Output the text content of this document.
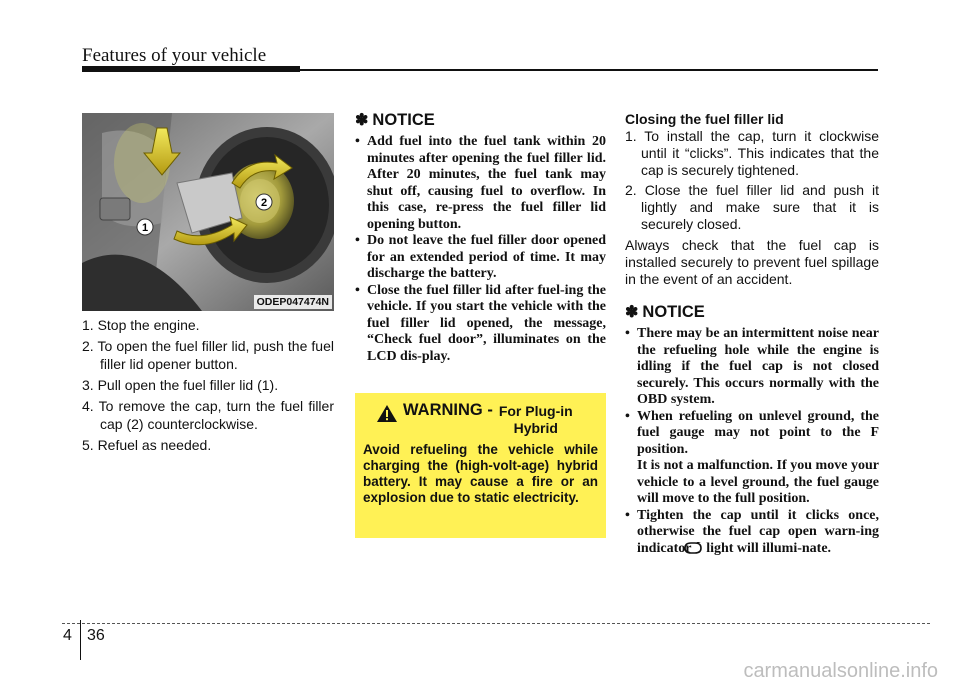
Features of your vehicle
1
2
ODEP047474N
1. Stop the engine.
2. To open the fuel filler lid, push the fuel filler lid opener button.
3. Pull open the fuel filler lid (1).
4. To remove the cap, turn the fuel filler cap (2) counterclockwise.
5. Refuel as needed.
✽ NOTICE
• Add fuel into the fuel tank within 20 minutes after opening the fuel filler lid. After 20 minutes, the fuel tank may shut off, causing fuel to overflow. In this case, re-press the fuel filler lid opening button.
• Do not leave the fuel filler door opened for an extended period of time. It may discharge the battery.
• Close the fuel filler lid after fuel-ing the vehicle. If you start the vehicle with the fuel filler lid opened, the message, “Check fuel door”, illuminates on the LCD dis-play.
WARNING - For Plug-in
Hybrid
Avoid refueling the vehicle while charging the (high-volt-age) hybrid battery. It may cause a fire or an explosion due to static electricity.
Closing the fuel filler lid
1. To install the cap, turn it clockwise until it “clicks”. This indicates that the cap is securely tightened.
2. Close the fuel filler lid and push it lightly and make sure that it is securely closed.
Always check that the fuel cap is installed securely to prevent fuel spillage in the event of an accident.
✽ NOTICE
• There may be an intermittent noise near the refueling hole while the engine is idling if the fuel cap is not closed securely. This occurs normally with the OBD system.
• When refueling on unlevel ground, the fuel gauge may not point to the F position.
It is not a malfunction. If you move your vehicle to a level ground, the fuel gauge will move to the full position.
• Tighten the cap until it clicks once, otherwise the fuel cap open warn-ing indicator light will illumi-nate.
4 36
carmanualsonline.info
